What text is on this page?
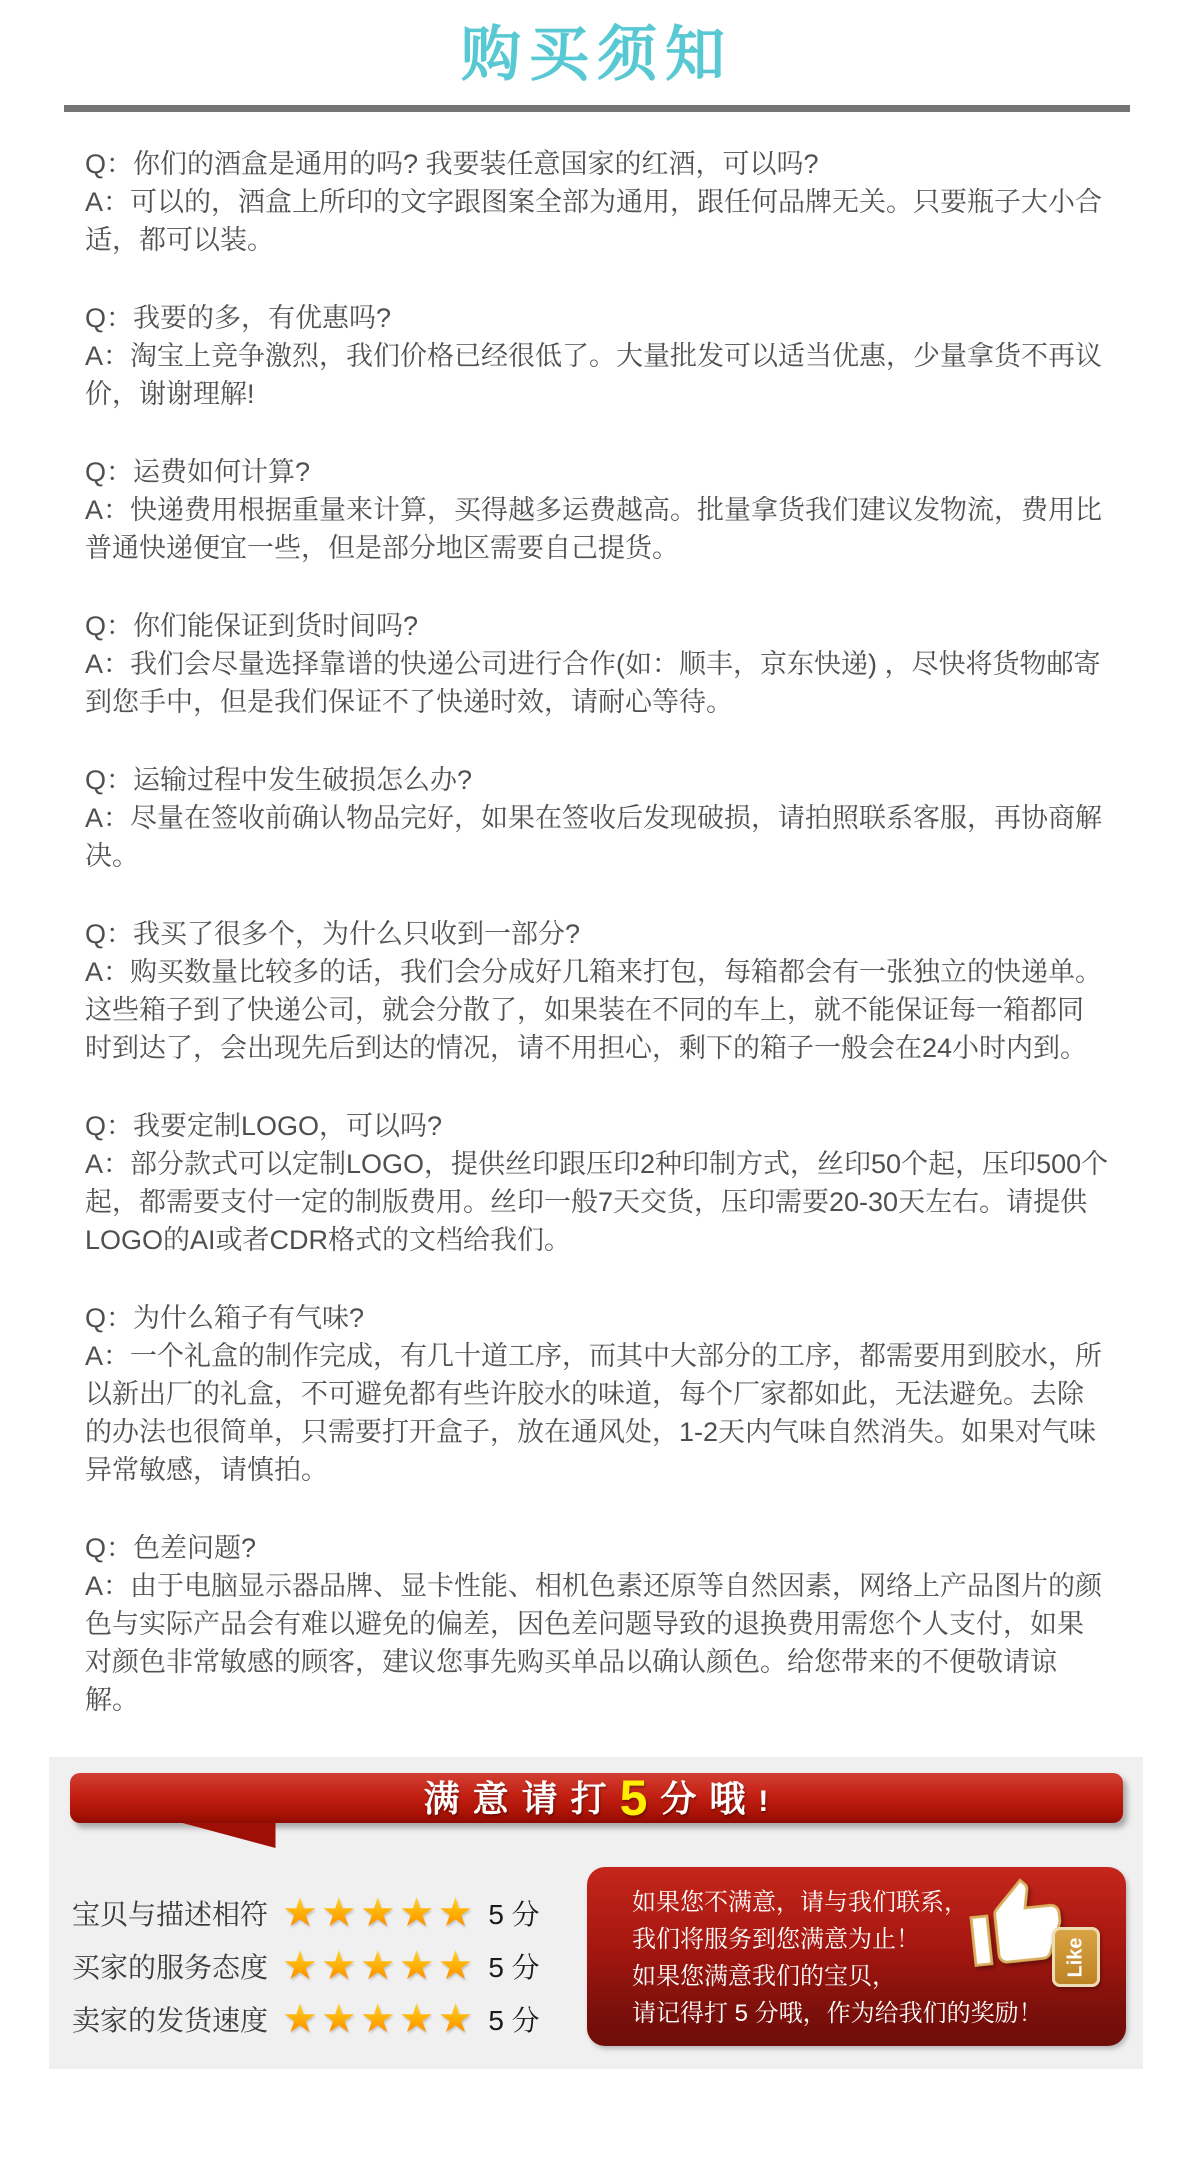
购买须知
Q：你们的酒盒是通用的吗? 我要装任意国家的红酒，可以吗?
A：可以的，酒盒上所印的文字跟图案全部为通用，跟任何品牌无关。只要瓶子大小合适，都可以装。
Q：我要的多，有优惠吗?
A：淘宝上竞争激烈，我们价格已经很低了。大量批发可以适当优惠，少量拿货不再议价，谢谢理解!
Q：运费如何计算?
A：快递费用根据重量来计算，买得越多运费越高。批量拿货我们建议发物流，费用比普通快递便宜一些，但是部分地区需要自己提货。
Q：你们能保证到货时间吗?
A：我们会尽量选择靠谱的快递公司进行合作(如：顺丰，京东快递) ，尽快将货物邮寄到您手中，但是我们保证不了快递时效，请耐心等待。
Q：运输过程中发生破损怎么办?
A：尽量在签收前确认物品完好，如果在签收后发现破损，请拍照联系客服，再协商解决。
Q：我买了很多个，为什么只收到一部分?
A：购买数量比较多的话，我们会分成好几箱来打包，每箱都会有一张独立的快递单。这些箱子到了快递公司，就会分散了，如果装在不同的车上，就不能保证每一箱都同时到达了，会出现先后到达的情况，请不用担心，剩下的箱子一般会在24小时内到。
Q：我要定制LOGO，可以吗?
A：部分款式可以定制LOGO，提供丝印跟压印2种印制方式，丝印50个起，压印500个起，都需要支付一定的制版费用。丝印一般7天交货，压印需要20-30天左右。请提供LOGO的AI或者CDR格式的文档给我们。
Q：为什么箱子有气味?
A：一个礼盒的制作完成，有几十道工序，而其中大部分的工序，都需要用到胶水，所以新出厂的礼盒，不可避免都有些许胶水的味道，每个厂家都如此，无法避免。去除的办法也很简单，只需要打开盒子，放在通风处，1-2天内气味自然消失。如果对气味异常敏感，请慎拍。
Q：色差问题?
A：由于电脑显示器品牌、显卡性能、相机色素还原等自然因素，网络上产品图片的颜色与实际产品会有难以避免的偏差，因色差问题导致的退换费用需您个人支付，如果对颜色非常敏感的顾客，建议您事先购买单品以确认颜色。给您带来的不便敬请谅解。
满意请打5分哦!
宝贝与描述相符 ★★★★★ 5 分
买家的服务态度 ★★★★★ 5 分
卖家的发货速度 ★★★★★ 5 分
如果您不满意，请与我们联系，
我们将服务到您满意为止！
如果您满意我们的宝贝，
请记得打 5 分哦，作为给我们的奖励！
Like
